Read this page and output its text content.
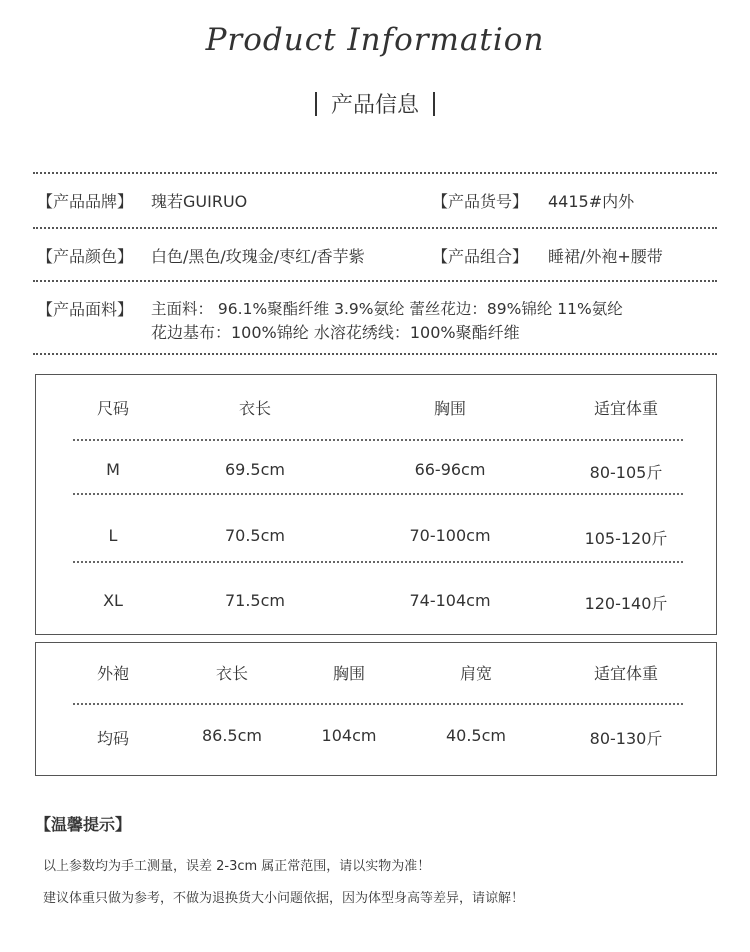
Product Information
产品信息
【产品品牌】 瑰若GUIRUO	【产品货号】 4415#内外
【产品颜色】 白色/黑色/玫瑰金/枣红/香芋紫	【产品组合】 睡裙/外袍+腰带
【产品面料】 主面料： 96.1%聚酯纤维 3.9%氨纶 蕾丝花边：89%锦纶 11%氨纶
花边基布：100%锦纶 水溶花绣线：100%聚酯纤维
尺码	衣长	胸围	适宜体重
M	69.5cm	66-96cm	80-105斤
L	70.5cm	70-100cm	105-120斤
XL	71.5cm	74-104cm	120-140斤
外袍	衣长	胸围	肩宽	适宜体重
均码	86.5cm	104cm	40.5cm	80-130斤
【温馨提示】
以上参数均为手工测量，误差 2-3cm 属正常范围，请以实物为准！
建议体重只做为参考，不做为退换货大小问题依据，因为体型身高等差异，请谅解！
